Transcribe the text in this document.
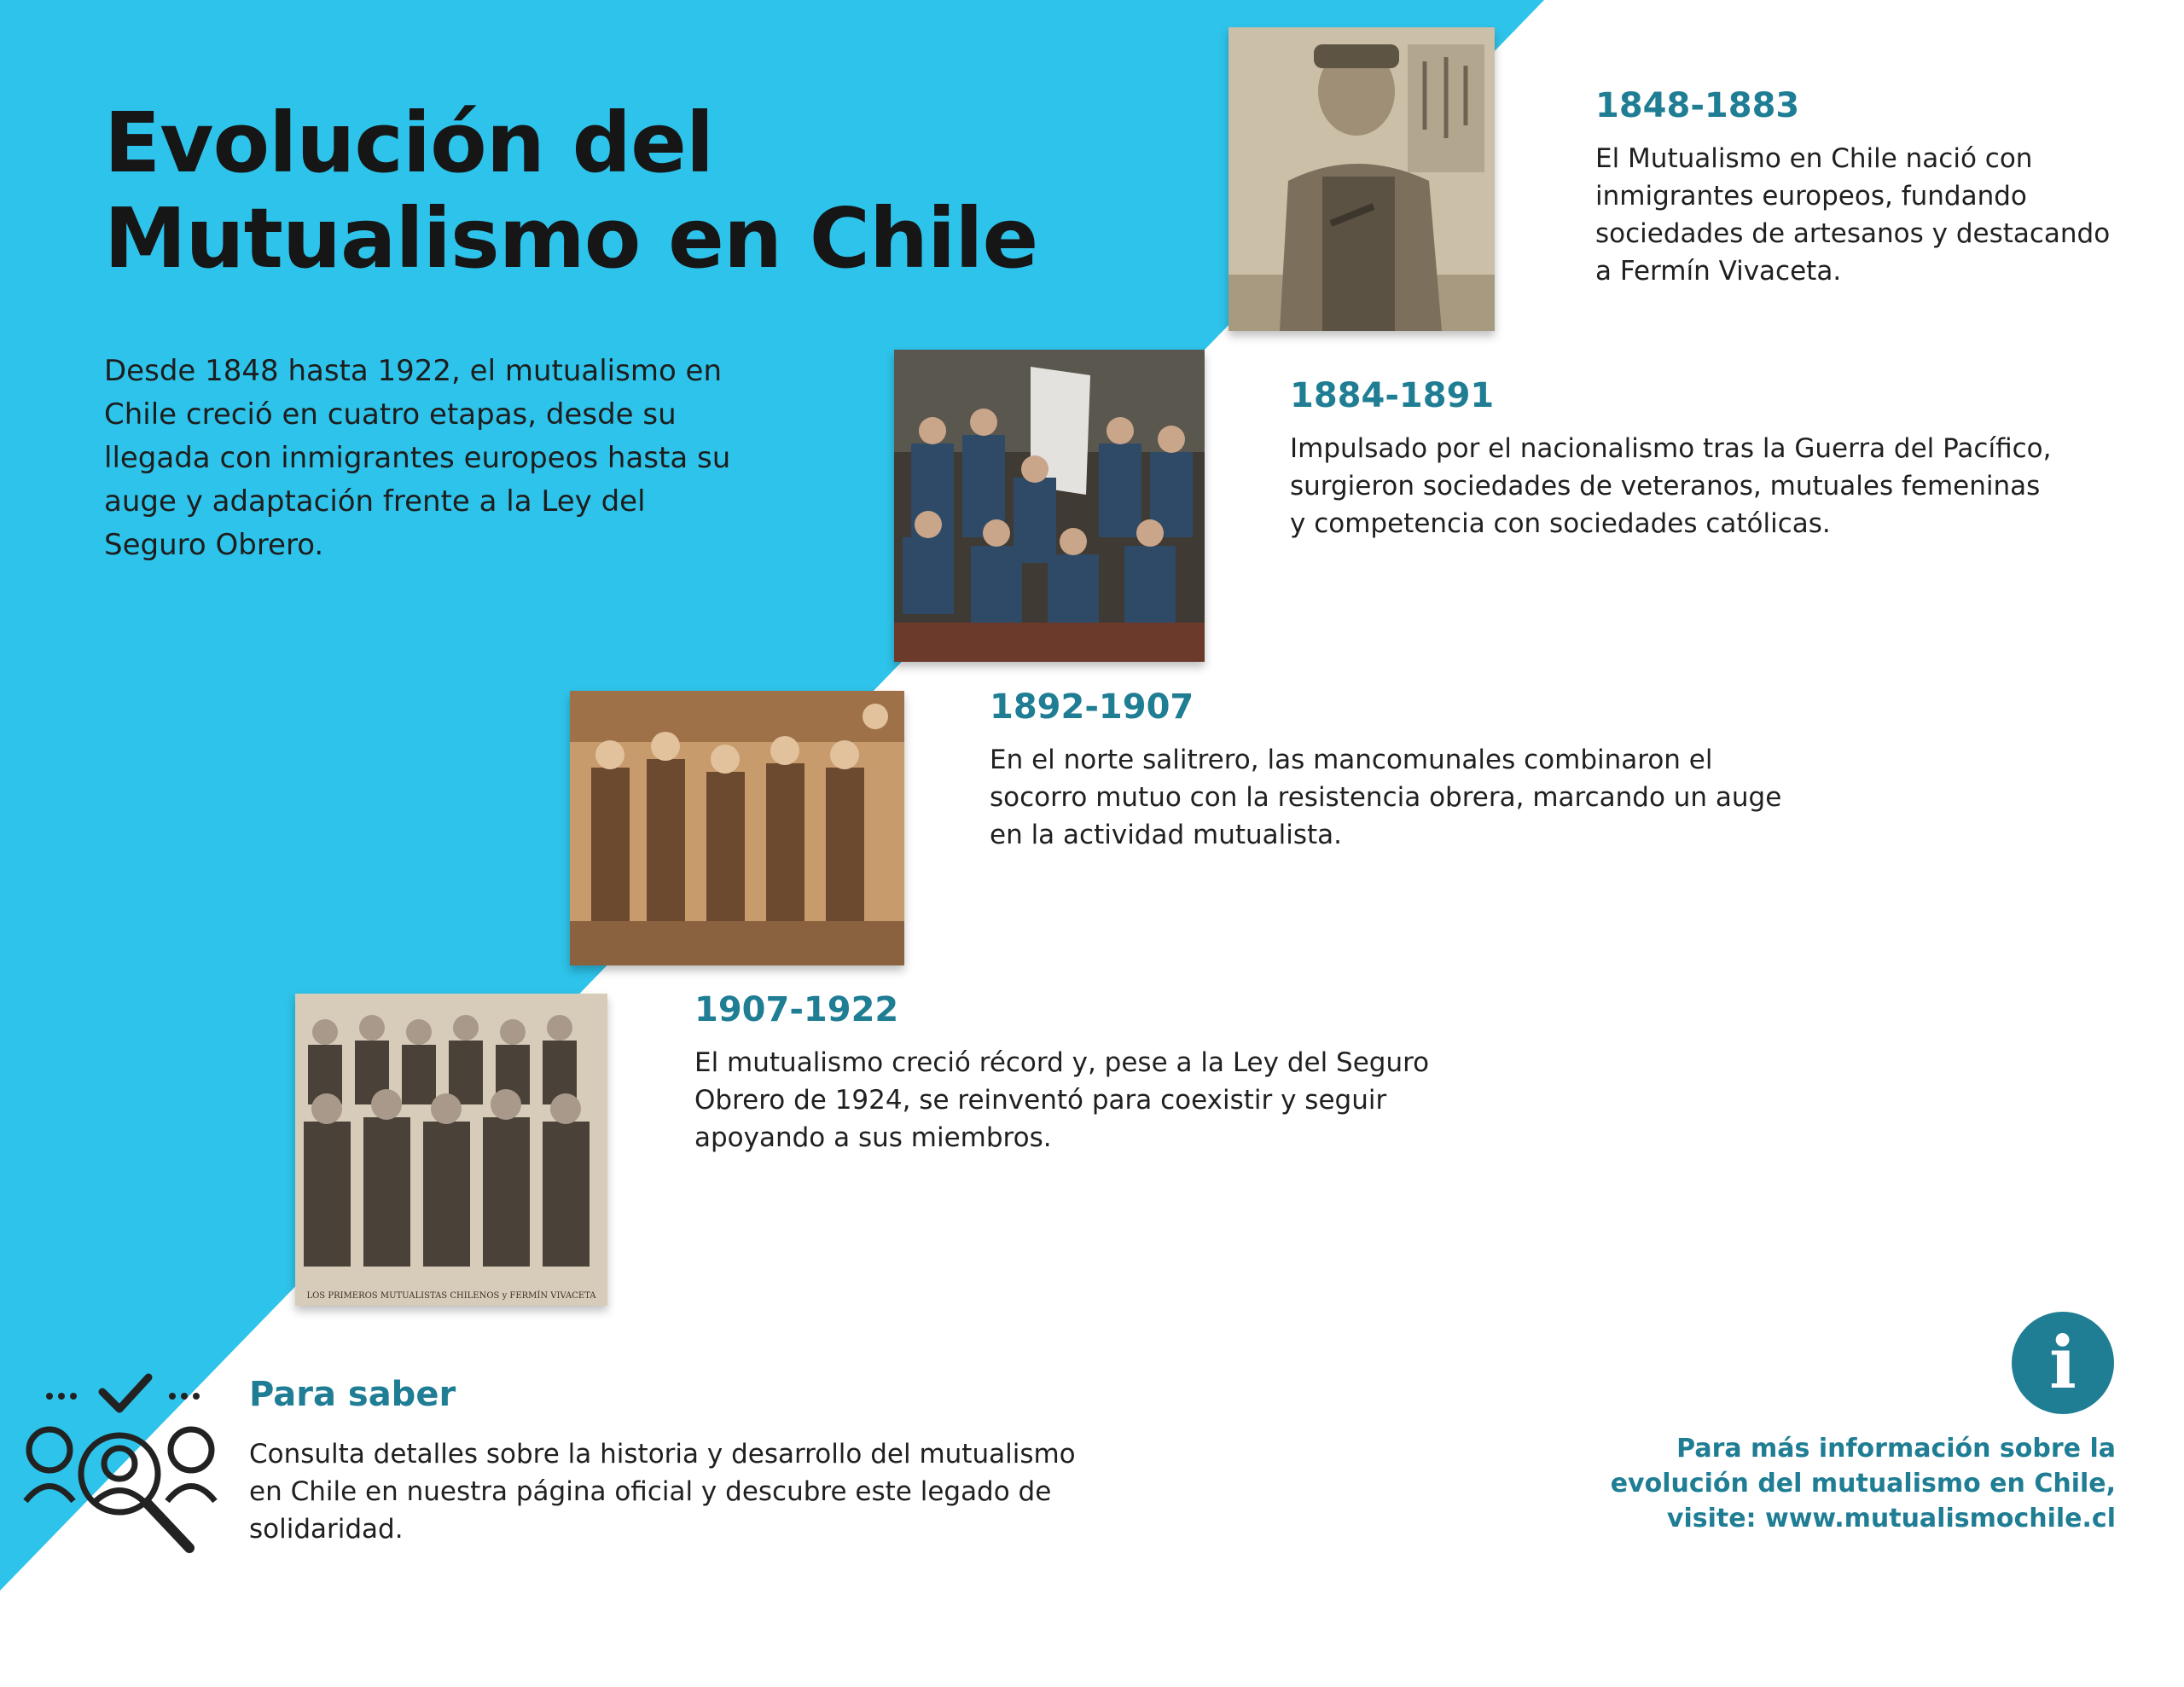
Evolución del
Mutualismo en Chile

Desde 1848 hasta 1922, el mutualismo en Chile creció en cuatro etapas, desde su llegada con inmigrantes europeos hasta su auge y adaptación frente a la Ley del Seguro Obrero.

1848-1883

El Mutualismo en Chile nació con inmigrantes europeos, fundando sociedades de artesanos y destacando a Fermín Vivaceta.

1884-1891

Impulsado por el nacionalismo tras la Guerra del Pacífico, surgieron sociedades de veteranos, mutuales femeninas y competencia con sociedades católicas.

1892-1907

En el norte salitrero, las mancomunales combinaron el socorro mutuo con la resistencia obrera, marcando un auge en la actividad mutualista.

LOS PRIMEROS MUTUALISTAS CHILENOS y FERMÍN VIVACETA
1907-1922

El mutualismo creció récord y, pese a la Ley del Seguro Obrero de 1924, se reinventó para coexistir y seguir apoyando a sus miembros.

Para saber

Consulta detalles sobre la historia y desarrollo del mutualismo en Chile en nuestra página oficial y descubre este legado de solidaridad.

i
Para más información sobre la
evolución del mutualismo en Chile,
visite: www.mutualismochile.cl
